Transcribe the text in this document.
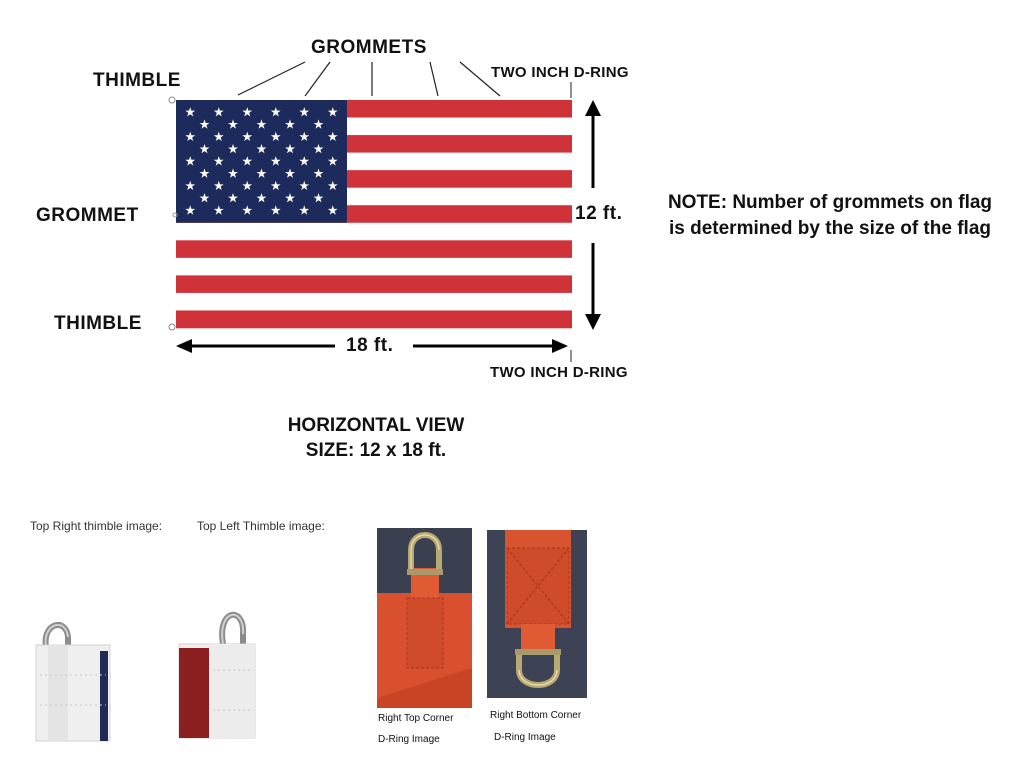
GROMMETS
THIMBLE
GROMMET
THIMBLE
TWO INCH D-RING
TWO INCH D-RING
12 ft.
18 ft.
NOTE: Number of grommets on flag is determined by the size of the flag
HORIZONTAL VIEW
SIZE: 12 x 18 ft.
Top Right thimble image:	Top Left Thimble image:
Right Top Corner
D-Ring Image
Right Bottom Corner
D-Ring Image
